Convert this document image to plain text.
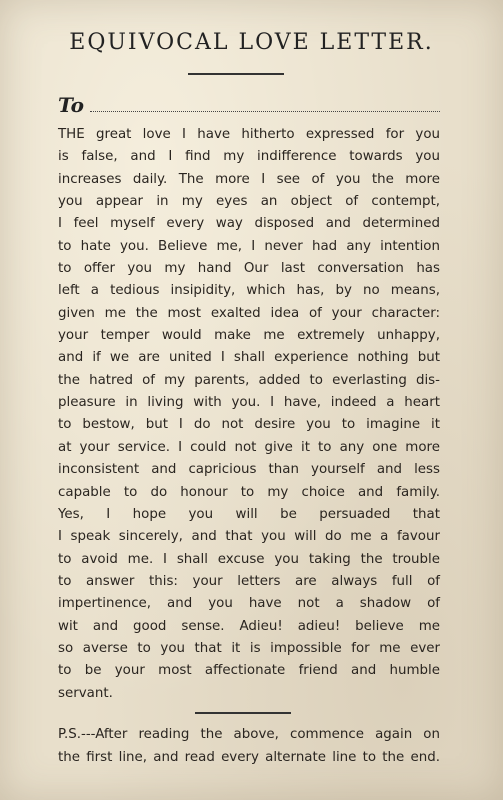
EQUIVOCAL LOVE LETTER.
To
THE great love I have hitherto expressed for you
is false, and I find my indifference towards you
increases daily. The more I see of you the more
you appear in my eyes an object of contempt,
I feel myself every way disposed and determined
to hate you. Believe me, I never had any intention
to offer you my hand Our last conversation has
left a tedious insipidity, which has, by no means,
given me the most exalted idea of your character:
your temper would make me extremely unhappy,
and if we are united I shall experience nothing but
the hatred of my parents, added to everlasting dis-
pleasure in living with you. I have, indeed a heart
to bestow, but I do not desire you to imagine it
at your service. I could not give it to any one more
inconsistent and capricious than yourself and less
capable to do honour to my choice and family.
Yes, I hope you will be persuaded that
I speak sincerely, and that you will do me a favour
to avoid me. I shall excuse you taking the trouble
to answer this: your letters are always full of
impertinence, and you have not a shadow of
wit and good sense. Adieu! adieu! believe me
so averse to you that it is impossible for me ever
to be your most affectionate friend and humble
servant.
P.S.---After reading the above, commence again on
the first line, and read every alternate line to the end.
